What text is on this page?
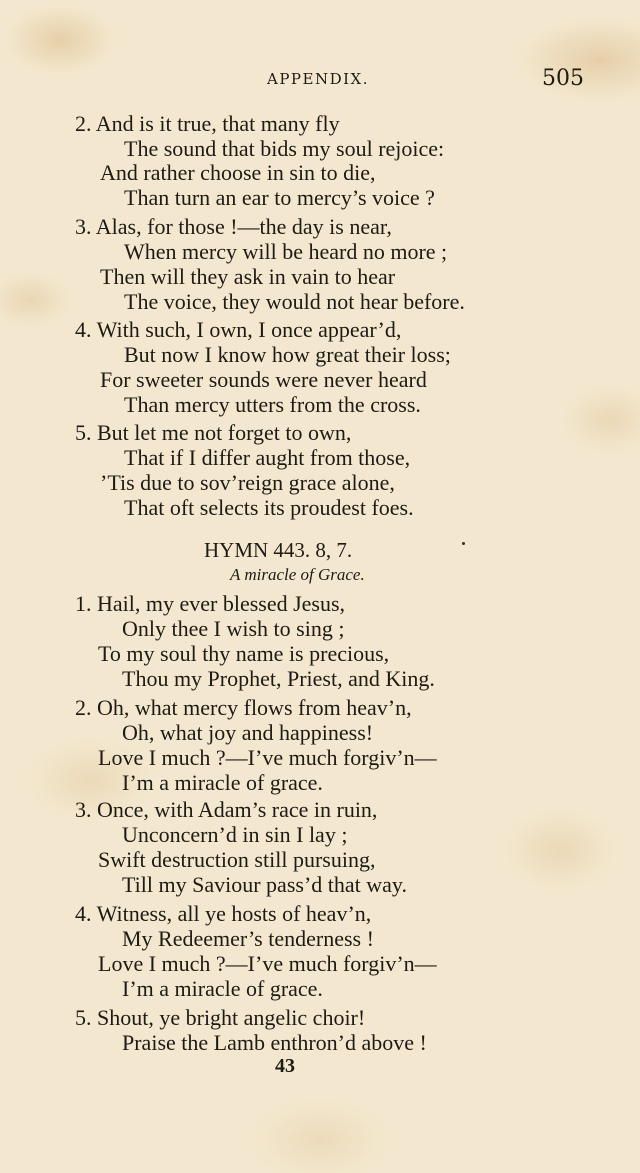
APPENDIX.	505
2. And is it true, that many fly
The sound that bids my soul rejoice:
And rather choose in sin to die,
Than turn an ear to mercy’s voice ?
3. Alas, for those !—the day is near,
When mercy will be heard no more ;
Then will they ask in vain to hear
The voice, they would not hear before.
4. With such, I own, I once appear’d,
But now I know how great their loss;
For sweeter sounds were never heard
Than mercy utters from the cross.
5. But let me not forget to own,
That if I differ aught from those,
’Tis due to sov’reign grace alone,
That oft selects its proudest foes.
HYMN 443. 8, 7.
A miracle of Grace.
1. Hail, my ever blessed Jesus,
Only thee I wish to sing ;
To my soul thy name is precious,
Thou my Prophet, Priest, and King.
2. Oh, what mercy flows from heav’n,
Oh, what joy and happiness!
Love I much ?—I’ve much forgiv’n—
I’m a miracle of grace.
3. Once, with Adam’s race in ruin,
Unconcern’d in sin I lay ;
Swift destruction still pursuing,
Till my Saviour pass’d that way.
4. Witness, all ye hosts of heav’n,
My Redeemer’s tenderness !
Love I much ?—I’ve much forgiv’n—
I’m a miracle of grace.
5. Shout, ye bright angelic choir!
Praise the Lamb enthron’d above !
43
